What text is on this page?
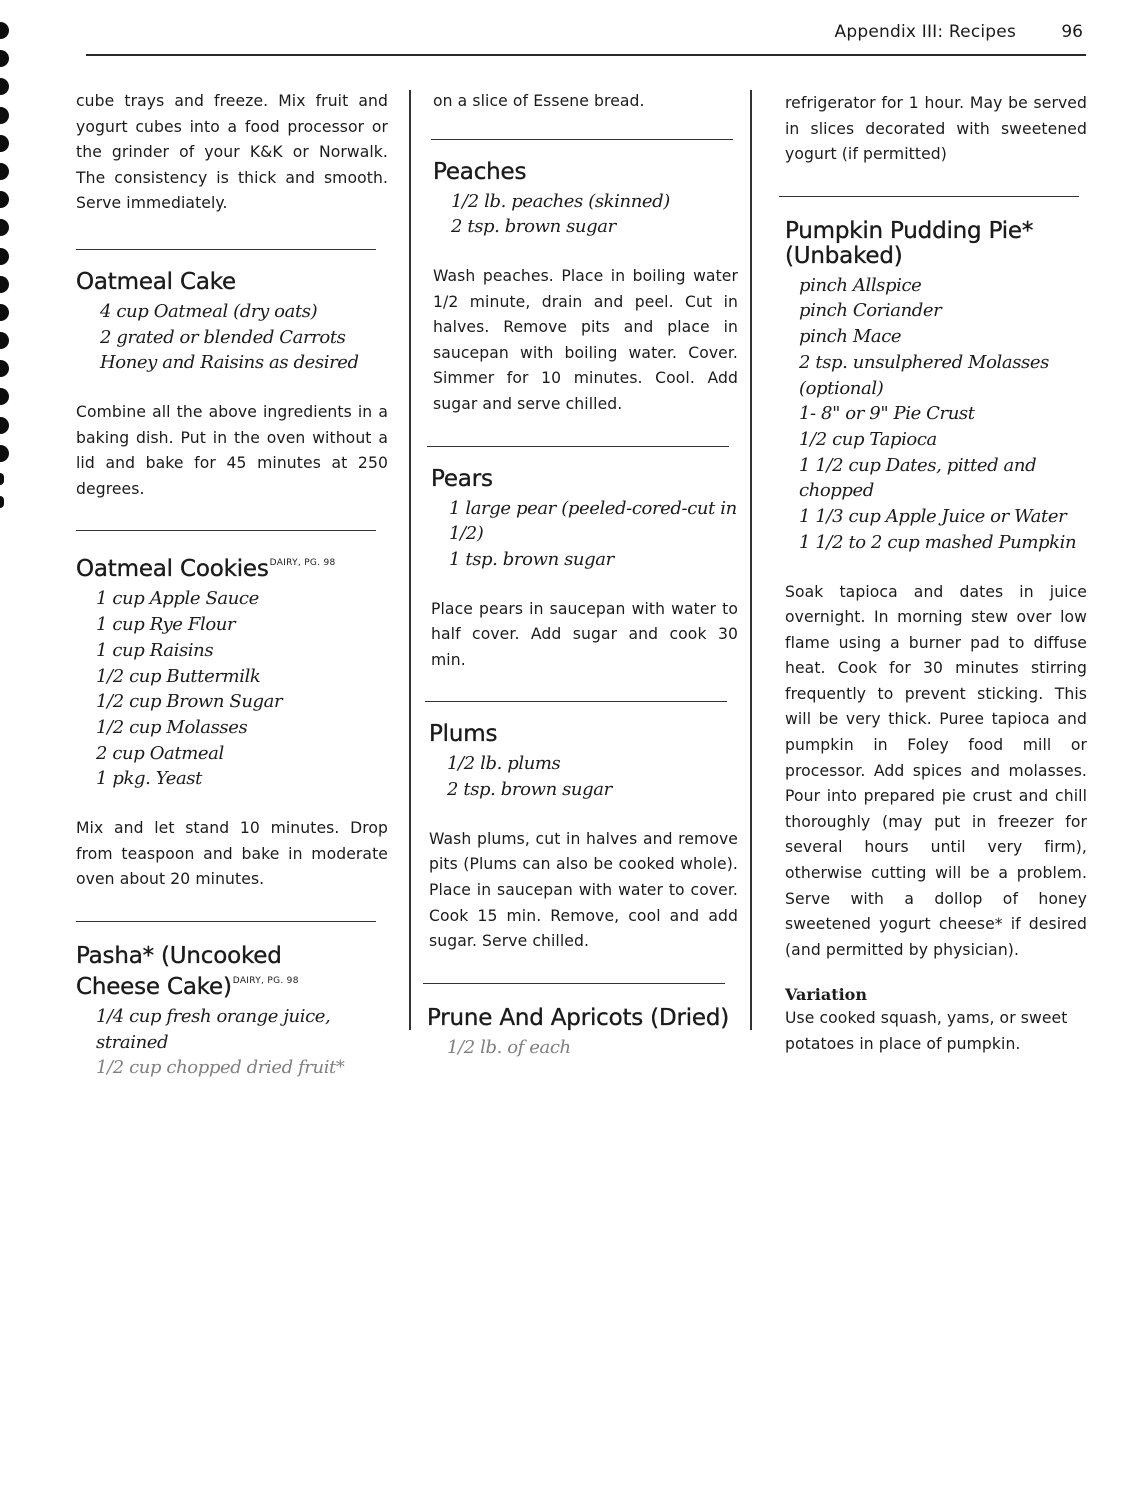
Appendix III: Recipes	96

cube trays and freeze. Mix fruit and yogurt cubes into a food processor or the grinder of your K&K or Norwalk. The consistency is thick and smooth. Serve immediately.

Oatmeal Cake
4 cup Oatmeal (dry oats)
2 grated or blended Carrots
Honey and Raisins as desired

Combine all the above ingredients in a baking dish. Put in the oven without a lid and bake for 45 minutes at 250 degrees.

Oatmeal Cookies$^{DAIRY, PG. 98}$
1 cup Apple Sauce
1 cup Rye Flour
1 cup Raisins
1/2 cup Buttermilk
1/2 cup Brown Sugar
1/2 cup Molasses
2 cup Oatmeal
1 pkg. Yeast

Mix and let stand 10 minutes. Drop from teaspoon and bake in moderate oven about 20 minutes.

Pasha* (Uncooked
Cheese Cake)$^{DAIRY, PG. 98}$
1/4 cup fresh orange juice, strained
1/2 cup chopped dried fruit*

on a slice of Essene bread.

Peaches
1/2 lb. peaches (skinned)
2 tsp. brown sugar

Wash peaches. Place in boiling water 1/2 minute, drain and peel. Cut in halves. Remove pits and place in saucepan with boiling water. Cover. Simmer for 10 minutes. Cool. Add sugar and serve chilled.

Pears
1 large pear (peeled-cored-cut in 1/2)
1 tsp. brown sugar

Place pears in saucepan with water to half cover. Add sugar and cook 30 min.

Plums
1/2 lb. plums
2 tsp. brown sugar

Wash plums, cut in halves and remove pits (Plums can also be cooked whole). Place in saucepan with water to cover. Cook 15 min. Remove, cool and add sugar. Serve chilled.

Prune And Apricots (Dried)
1/2 lb. of each

refrigerator for 1 hour. May be served in slices decorated with sweetened yogurt (if permitted)

Pumpkin Pudding Pie*
(Unbaked)
pinch Allspice
pinch Coriander
pinch Mace
2 tsp. unsulphered Molasses (optional)
1- 8" or 9" Pie Crust
1/2 cup Tapioca
1 1/2 cup Dates, pitted and chopped
1 1/3 cup Apple Juice or Water
1 1/2 to 2 cup mashed Pumpkin

Soak tapioca and dates in juice overnight. In morning stew over low flame using a burner pad to diffuse heat. Cook for 30 minutes stirring frequently to prevent sticking. This will be very thick. Puree tapioca and pumpkin in Foley food mill or processor. Add spices and molasses. Pour into prepared pie crust and chill thoroughly (may put in freezer for several hours until very firm), otherwise cutting will be a problem. Serve with a dollop of honey sweetened yogurt cheese* if desired (and permitted by physician).

Variation

Use cooked squash, yams, or sweet potatoes in place of pumpkin.
